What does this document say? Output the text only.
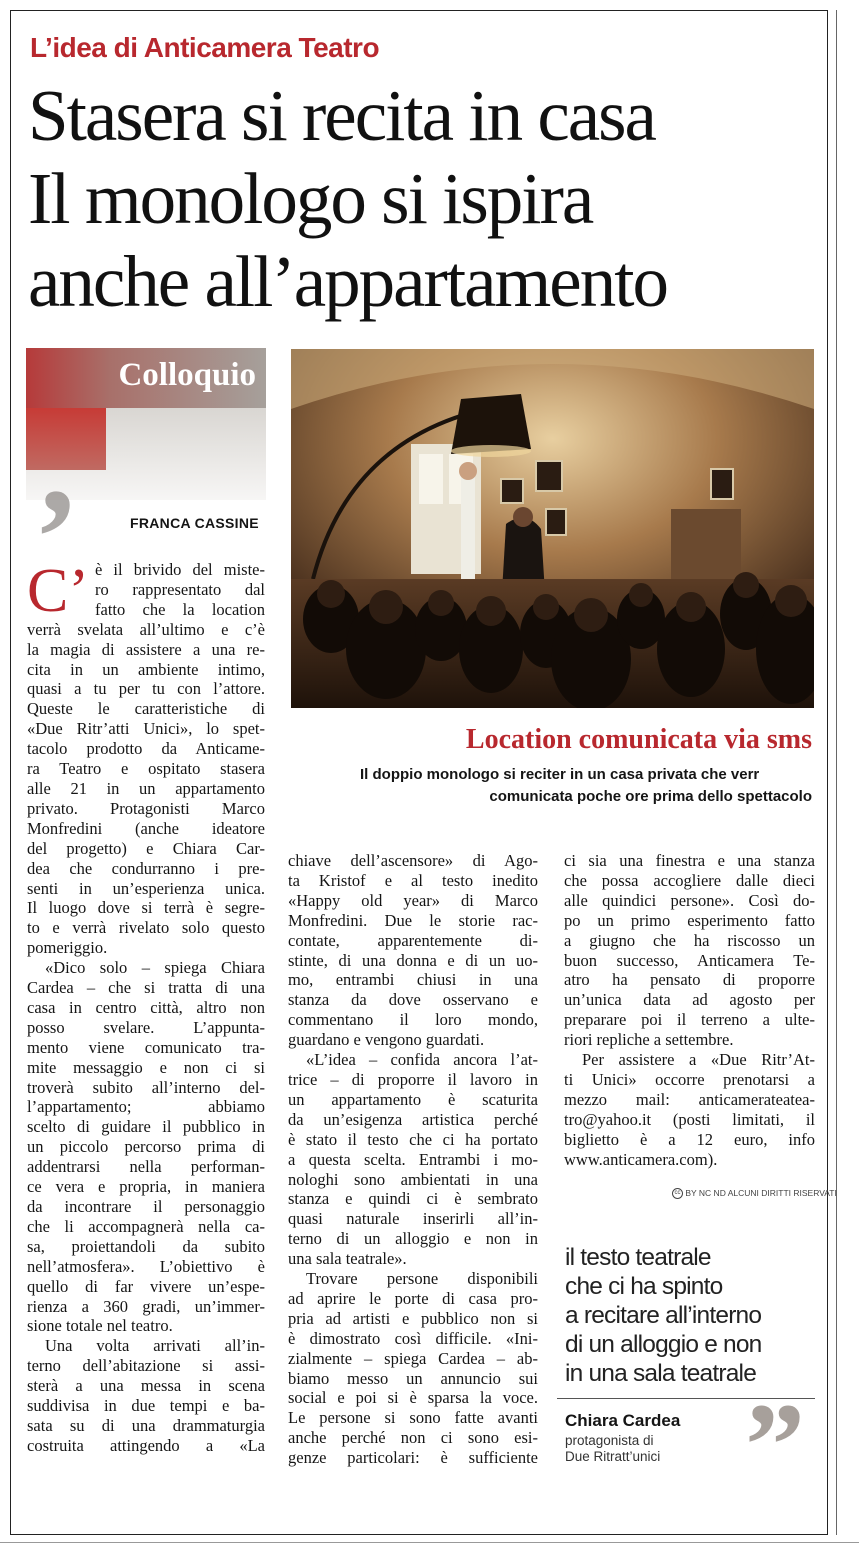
L’idea di Anticamera Teatro
Stasera si recita in casa
Il monologo si ispira
anche all’appartamento
Colloquio
,	FRANCA CASSINE
Location comunicata via sms
Il doppio monologo si reciter in un casa privata che verr
comunicata poche ore prima dello spettacolo
C’ è il brivido del miste-
ro rappresentato dal
fatto che la location
verrà svelata all’ultimo e c’è
la magia di assistere a una re-
cita in un ambiente intimo,
quasi a tu per tu con l’attore.
Queste le caratteristiche di
«Due Ritr’atti Unici», lo spet-
tacolo prodotto da Anticame-
ra Teatro e ospitato stasera
alle 21 in un appartamento
privato. Protagonisti Marco
Monfredini (anche ideatore
del progetto) e Chiara Car-
dea che condurranno i pre-
senti in un’esperienza unica.
Il luogo dove si terrà è segre-
to e verrà rivelato solo questo
pomeriggio.
«Dico solo – spiega Chiara
Cardea – che si tratta di una
casa in centro città, altro non
posso svelare. L’appunta-
mento viene comunicato tra-
mite messaggio e non ci si
troverà subito all’interno del-
l’appartamento; abbiamo
scelto di guidare il pubblico in
un piccolo percorso prima di
addentrarsi nella performan-
ce vera e propria, in maniera
da incontrare il personaggio
che li accompagnerà nella ca-
sa, proiettandoli da subito
nell’atmosfera». L’obiettivo è
quello di far vivere un’espe-
rienza a 360 gradi, un’immer-
sione totale nel teatro.
Una volta arrivati all’in-
terno dell’abitazione si assi-
sterà a una messa in scena
suddivisa in due tempi e ba-
sata su di una drammaturgia
costruita attingendo a «La
chiave dell’ascensore» di Ago-
ta Kristof e al testo inedito
«Happy old year» di Marco
Monfredini. Due le storie rac-
contate, apparentemente di-
stinte, di una donna e di un uo-
mo, entrambi chiusi in una
stanza da dove osservano e
commentano il loro mondo,
guardano e vengono guardati.
«L’idea – confida ancora l’at-
trice – di proporre il lavoro in
un appartamento è scaturita
da un’esigenza artistica perché
è stato il testo che ci ha portato
a questa scelta. Entrambi i mo-
nologhi sono ambientati in una
stanza e quindi ci è sembrato
quasi naturale inserirli all’in-
terno di un alloggio e non in
una sala teatrale».
Trovare persone disponibili
ad aprire le porte di casa pro-
pria ad artisti e pubblico non si
è dimostrato così difficile. «Ini-
zialmente – spiega Cardea – ab-
biamo messo un annuncio sui
social e poi si è sparsa la voce.
Le persone si sono fatte avanti
anche perché non ci sono esi-
genze particolari: è sufficiente
ci sia una finestra e una stanza
che possa accogliere dalle dieci
alle quindici persone». Così do-
po un primo esperimento fatto
a giugno che ha riscosso un
buon successo, Anticamera Te-
atro ha pensato di proporre
un’unica data ad agosto per
preparare poi il terreno a ulte-
riori repliche a settembre.
Per assistere a «Due Ritr’At-
ti Unici» occorre prenotarsi a
mezzo mail: anticamerateatea-
tro@yahoo.it (posti limitati, il
biglietto è a 12 euro, info
www.anticamera.com).
cc BY NC ND ALCUNI DIRITTI RISERVATI
il testo teatrale
che ci ha spinto
a recitare all’interno
di un alloggio e non
in una sala teatrale
Chiara Cardea
protagonista di
Due Ritratt’unici ”
